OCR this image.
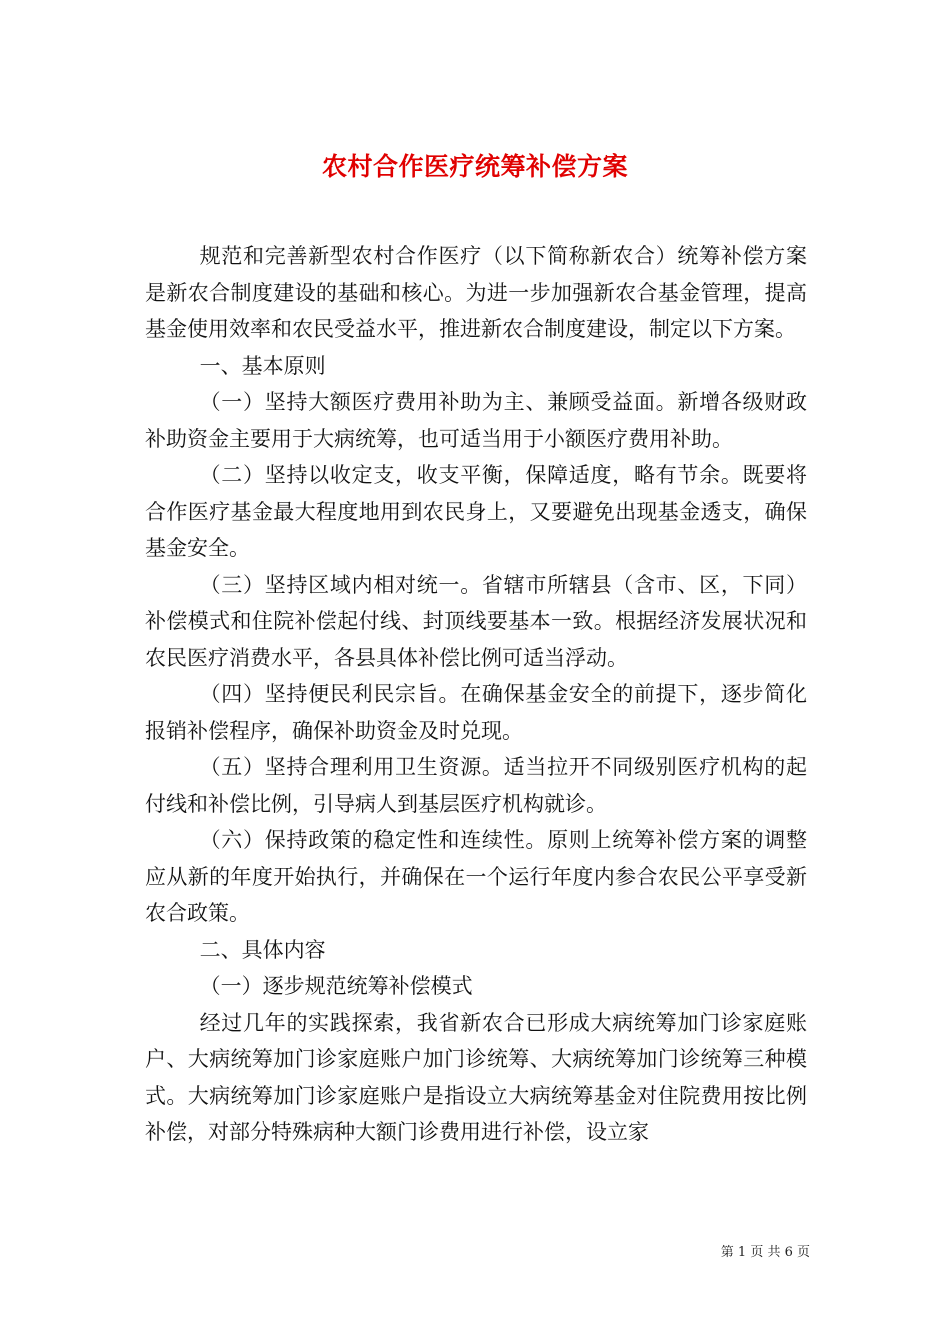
农村合作医疗统筹补偿方案

规范和完善新型农村合作医疗（以下简称新农合）统筹补偿方案是新农合制度建设的基础和核心。为进一步加强新农合基金管理，提高基金使用效率和农民受益水平，推进新农合制度建设，制定以下方案。

一、基本原则

（一）坚持大额医疗费用补助为主、兼顾受益面。新增各级财政补助资金主要用于大病统筹，也可适当用于小额医疗费用补助。

（二）坚持以收定支，收支平衡，保障适度，略有节余。既要将合作医疗基金最大程度地用到农民身上，又要避免出现基金透支，确保基金安全。

（三）坚持区域内相对统一。省辖市所辖县（含市、区，下同）补偿模式和住院补偿起付线、封顶线要基本一致。根据经济发展状况和农民医疗消费水平，各县具体补偿比例可适当浮动。

（四）坚持便民利民宗旨。在确保基金安全的前提下，逐步简化报销补偿程序，确保补助资金及时兑现。

（五）坚持合理利用卫生资源。适当拉开不同级别医疗机构的起付线和补偿比例，引导病人到基层医疗机构就诊。

（六）保持政策的稳定性和连续性。原则上统筹补偿方案的调整应从新的年度开始执行，并确保在一个运行年度内参合农民公平享受新农合政策。

二、具体内容

（一）逐步规范统筹补偿模式

经过几年的实践探索，我省新农合已形成大病统筹加门诊家庭账户、大病统筹加门诊家庭账户加门诊统筹、大病统筹加门诊统筹三种模式。大病统筹加门诊家庭账户是指设立大病统筹基金对住院费用按比例补偿，对部分特殊病种大额门诊费用进行补偿，设立家

第 1 页 共 6 页
